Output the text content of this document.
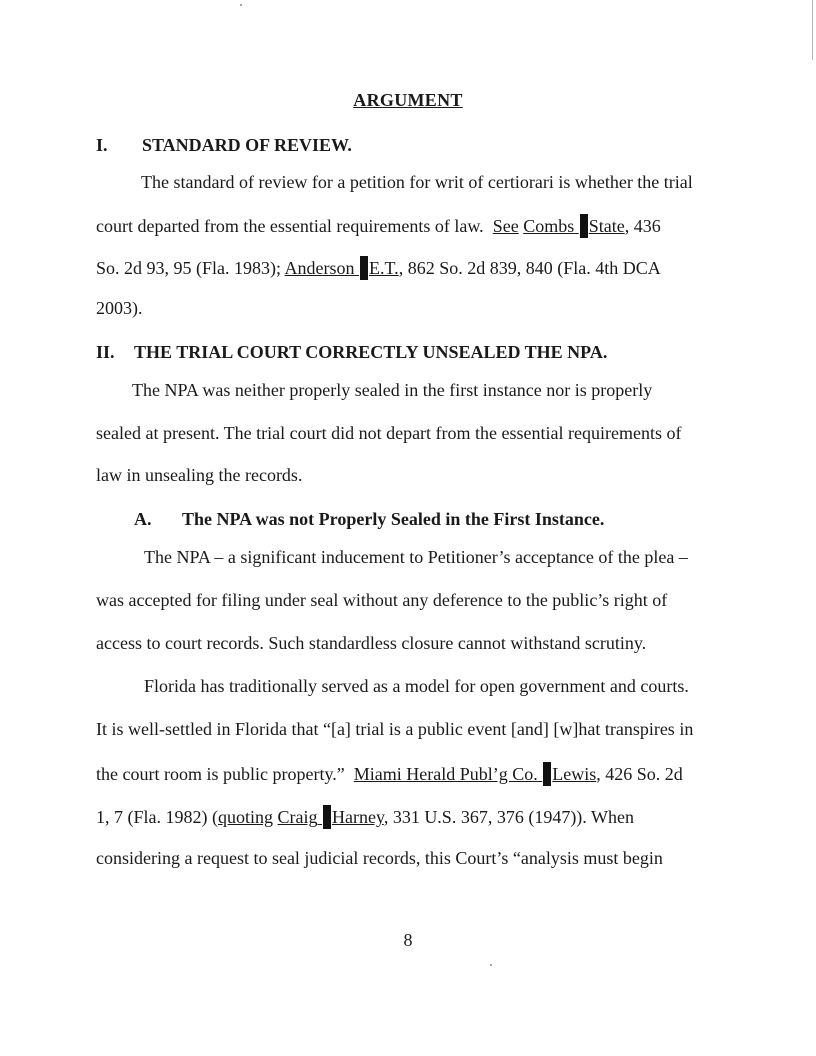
ARGUMENT
I. STANDARD OF REVIEW.
The standard of review for a petition for writ of certiorari is whether the trial
court departed from the essential requirements of law. See Combs State, 436
So. 2d 93, 95 (Fla. 1983); Anderson E.T., 862 So. 2d 839, 840 (Fla. 4th DCA
2003).
II. THE TRIAL COURT CORRECTLY UNSEALED THE NPA.
The NPA was neither properly sealed in the first instance nor is properly
sealed at present. The trial court did not depart from the essential requirements of
law in unsealing the records.
A. The NPA was not Properly Sealed in the First Instance.
The NPA – a significant inducement to Petitioner’s acceptance of the plea –
was accepted for filing under seal without any deference to the public’s right of
access to court records. Such standardless closure cannot withstand scrutiny.
Florida has traditionally served as a model for open government and courts.
It is well-settled in Florida that “[a] trial is a public event [and] [w]hat transpires in
the court room is public property.” Miami Herald Publ’g Co. Lewis, 426 So. 2d
1, 7 (Fla. 1982) (quoting Craig Harney, 331 U.S. 367, 376 (1947)). When
considering a request to seal judicial records, this Court’s “analysis must begin
8
